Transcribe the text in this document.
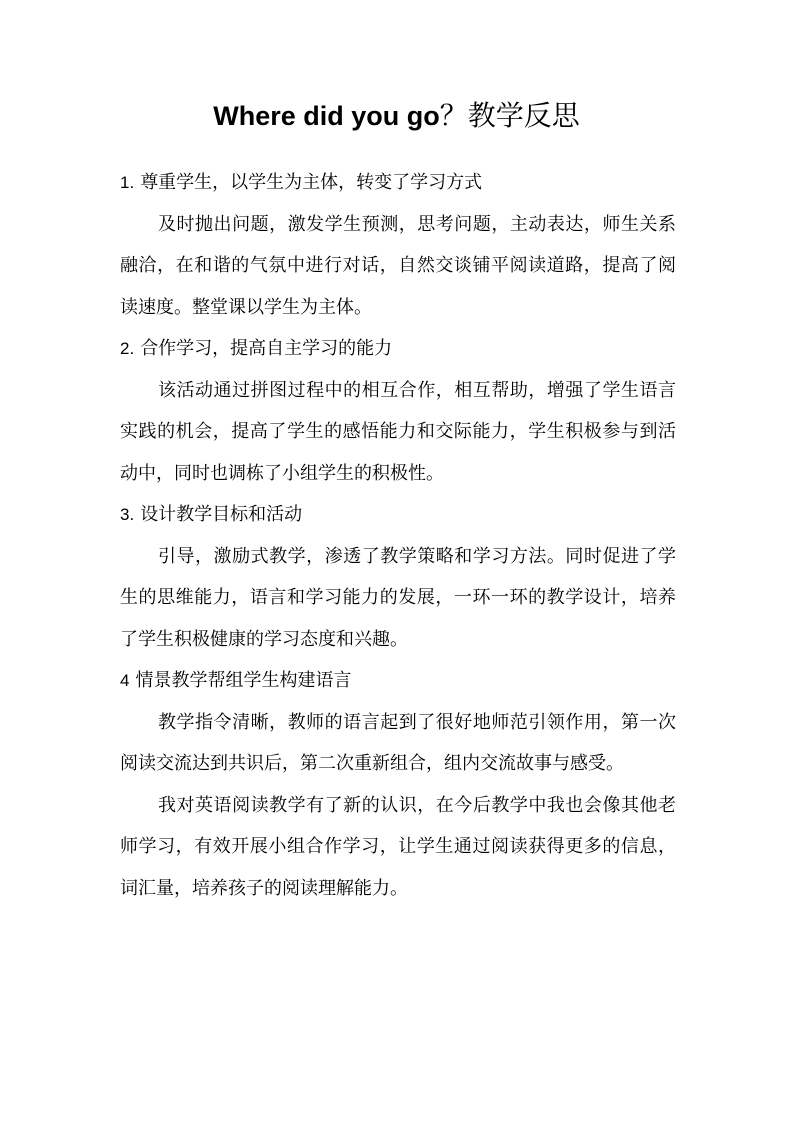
Where did you go？教学反思

1. 尊重学生，以学生为主体，转变了学习方式

及时抛出问题，激发学生预测，思考问题，主动表达，师生关系融洽，在和谐的气氛中进行对话，自然交谈铺平阅读道路，提高了阅读速度。整堂课以学生为主体。

2. 合作学习，提高自主学习的能力

该活动通过拼图过程中的相互合作，相互帮助，增强了学生语言实践的机会，提高了学生的感悟能力和交际能力，学生积极参与到活动中，同时也调栋了小组学生的积极性。

3. 设计教学目标和活动

引导，激励式教学，渗透了教学策略和学习方法。同时促进了学生的思维能力，语言和学习能力的发展，一环一环的教学设计，培养了学生积极健康的学习态度和兴趣。

4 情景教学帮组学生构建语言

教学指令清晰，教师的语言起到了很好地师范引领作用，第一次阅读交流达到共识后，第二次重新组合，组内交流故事与感受。

我对英语阅读教学有了新的认识，在今后教学中我也会像其他老师学习，有效开展小组合作学习，让学生通过阅读获得更多的信息，词汇量，培养孩子的阅读理解能力。
